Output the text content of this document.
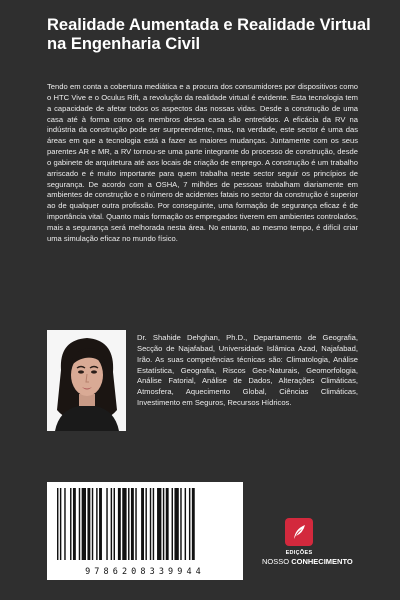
Realidade Aumentada e Realidade Virtual na Engenharia Civil

Tendo em conta a cobertura mediática e a procura dos consumidores por dispositivos como o HTC Vive e o Oculus Rift, a revolução da realidade virtual é evidente. Esta tecnologia tem a capacidade de afetar todos os aspectos das nossas vidas. Desde a construção de uma casa até à forma como os membros dessa casa são entretidos. A eficácia da RV na indústria da construção pode ser surpreendente, mas, na verdade, este sector é uma das áreas em que a tecnologia está a fazer as maiores mudanças. Juntamente com os seus parentes AR e MR, a RV tornou-se uma parte integrante do processo de construção, desde o gabinete de arquitetura até aos locais de criação de emprego. A construção é um trabalho arriscado e é muito importante para quem trabalha neste sector seguir os princípios de segurança. De acordo com a OSHA, 7 milhões de pessoas trabalham diariamente em ambientes de construção e o número de acidentes fatais no sector da construção é superior ao de qualquer outra profissão. Por conseguinte, uma formação de segurança eficaz é de importância vital. Quanto mais formação os empregados tiverem em ambientes controlados, mais a segurança será melhorada nesta área. No entanto, ao mesmo tempo, é difícil criar uma simulação eficaz no mundo físico.

Dr. Shahide Dehghan, Ph.D., Departamento de Geografia, Secção de Najafabad, Universidade Islâmica Azad, Najafabad, Irão. As suas competências técnicas são: Climatologia, Análise Estatística, Geografia, Riscos Geo-Naturais, Geomorfologia, Análise Fatorial, Análise de Dados, Alterações Climáticas, Atmosfera, Aquecimento Global, Ciências Climáticas, Investimento em Seguros, Recursos Hídricos.

9786208339944
EDIÇÕES
NOSSO CONHECIMENTO
